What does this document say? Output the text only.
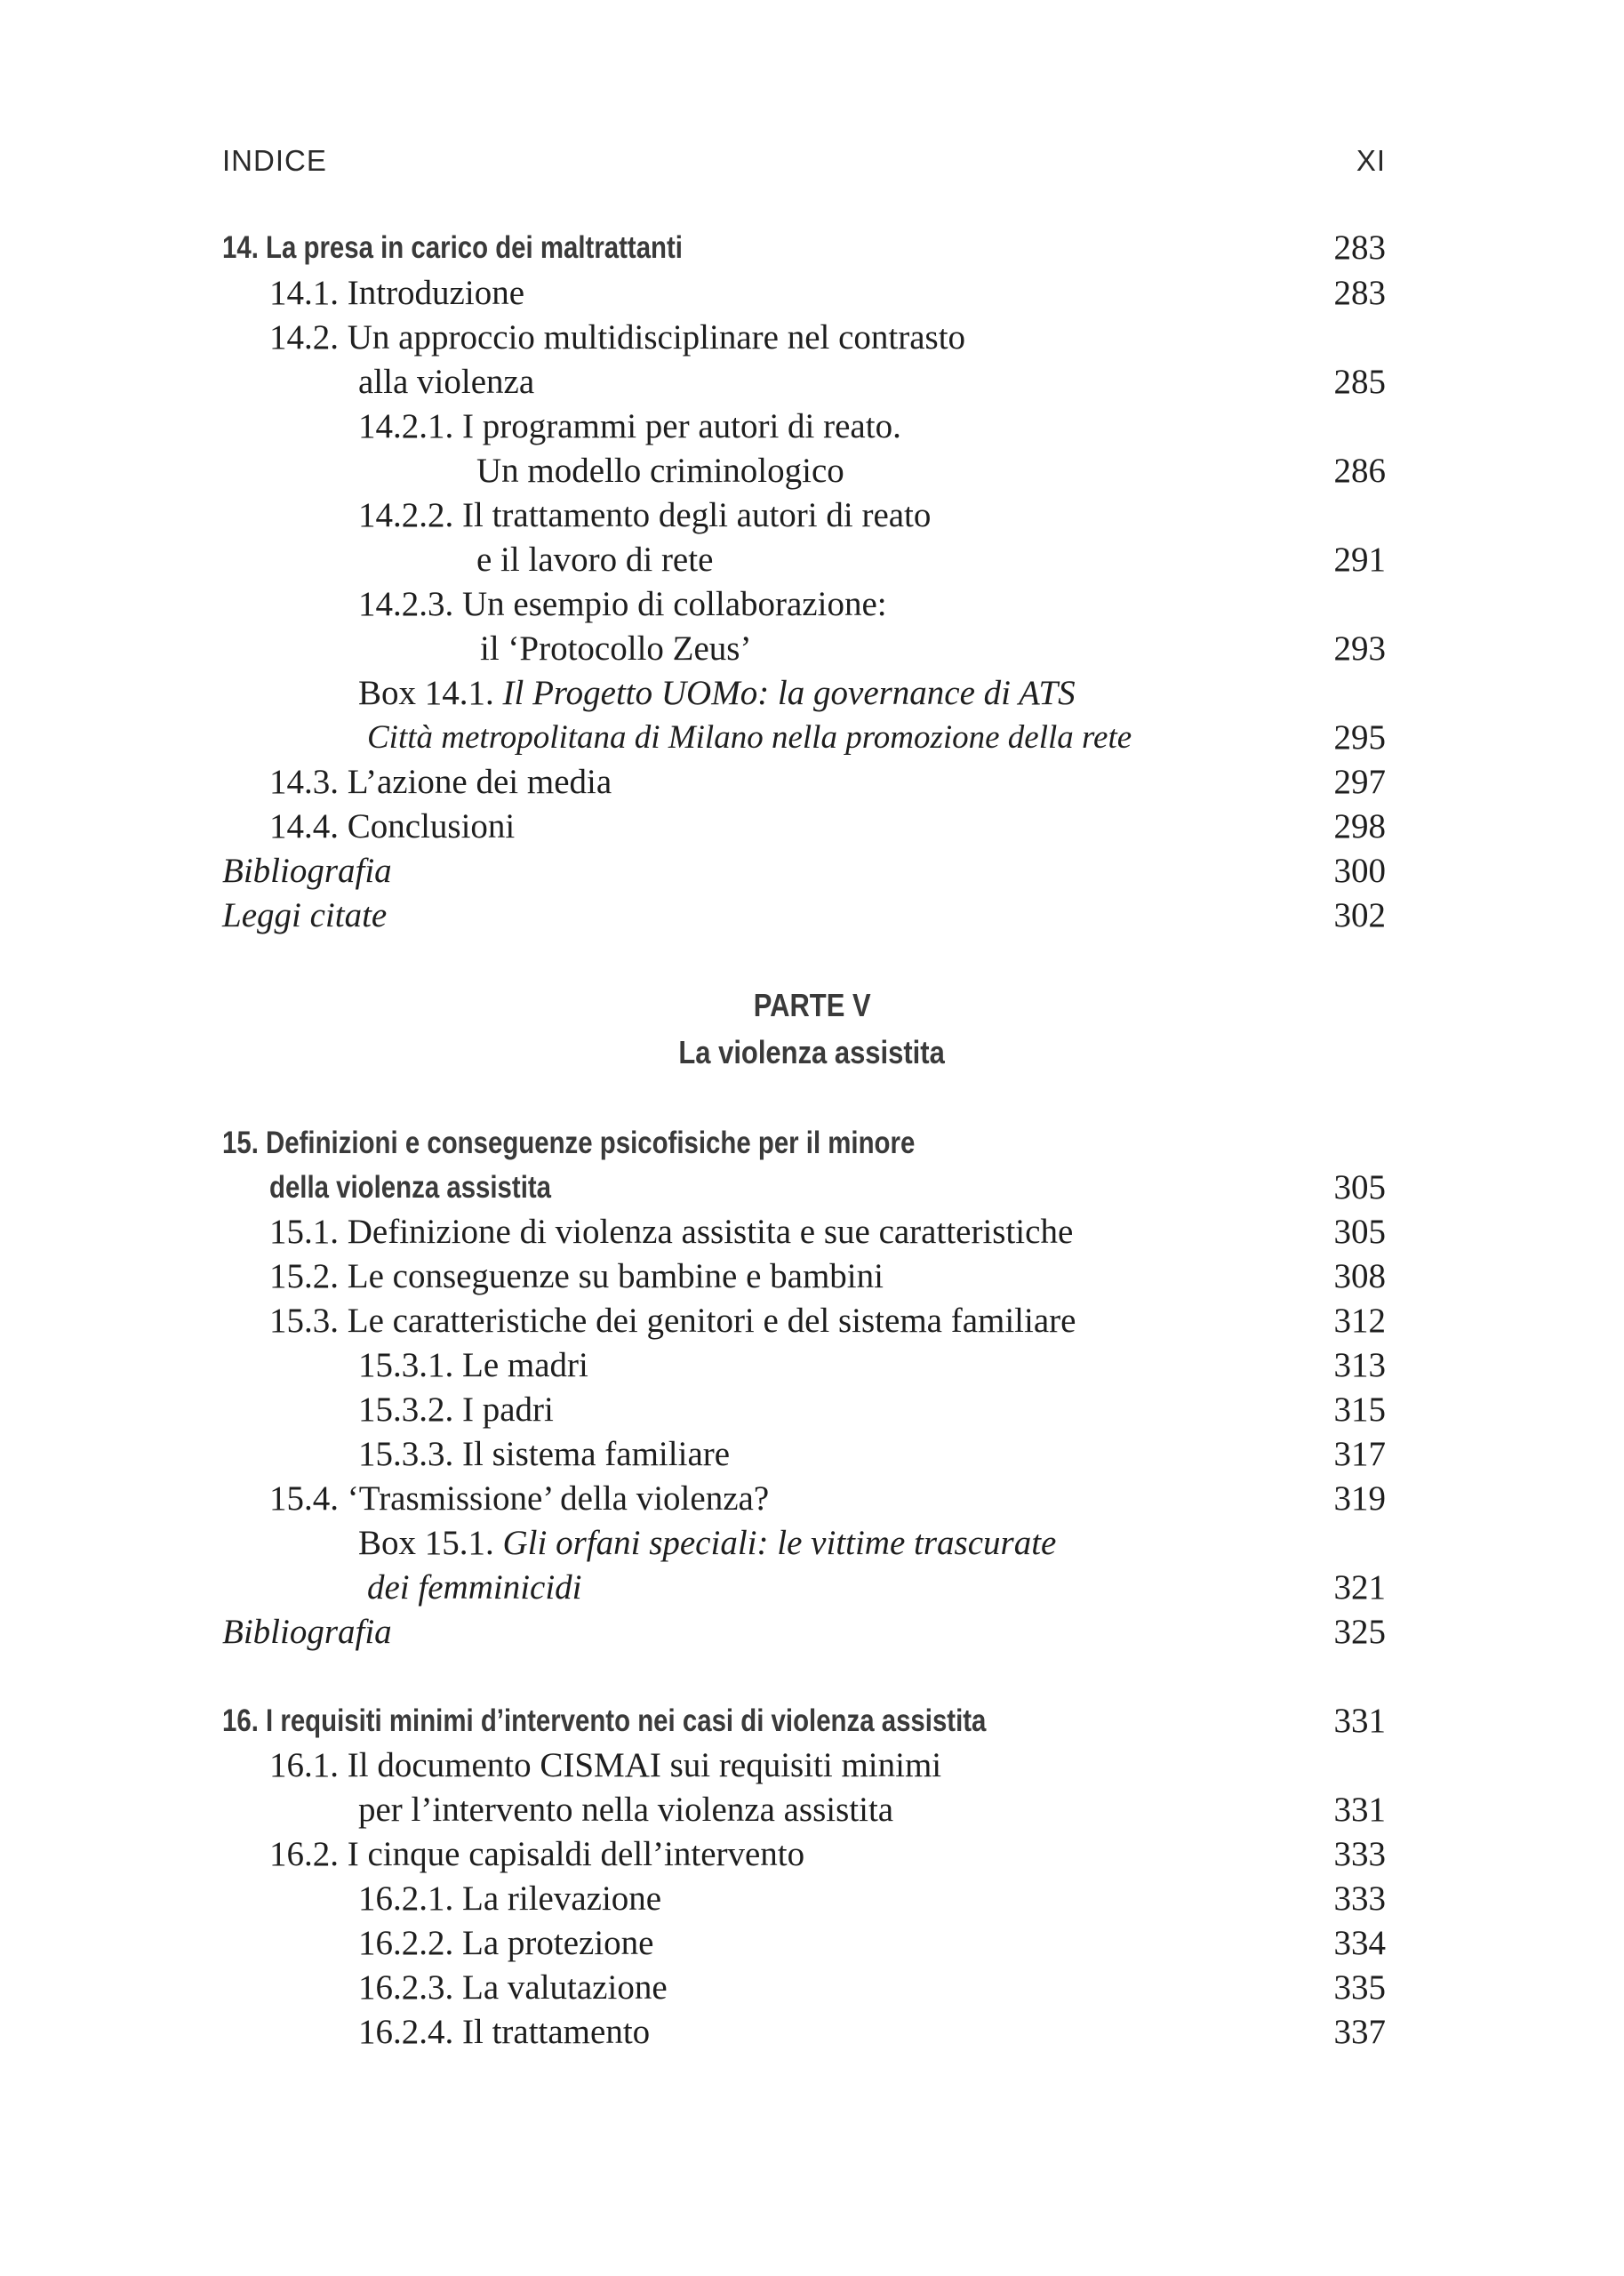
INDICE	XI
14. La presa in carico dei maltrattanti	283
14.1. Introduzione	283
14.2. Un approccio multidisciplinare nel contrasto
alla violenza	285
14.2.1. I programmi per autori di reato.
Un modello criminologico	286
14.2.2. Il trattamento degli autori di reato
e il lavoro di rete	291
14.2.3. Un esempio di collaborazione:
il ‘Protocollo Zeus’	293
Box 14.1. Il Progetto UOMo: la governance di ATS
Città metropolitana di Milano nella promozione della rete	295
14.3. L’azione dei media	297
14.4. Conclusioni	298
Bibliografia	300
Leggi citate	302
PARTE V
La violenza assistita
15. Definizioni e conseguenze psicofisiche per il minore
della violenza assistita	305
15.1. Definizione di violenza assistita e sue caratteristiche	305
15.2. Le conseguenze su bambine e bambini	308
15.3. Le caratteristiche dei genitori e del sistema familiare	312
15.3.1. Le madri	313
15.3.2. I padri	315
15.3.3. Il sistema familiare	317
15.4. ‘Trasmissione’ della violenza?	319
Box 15.1. Gli orfani speciali: le vittime trascurate
dei femminicidi	321
Bibliografia	325
16. I requisiti minimi d’intervento nei casi di violenza assistita	331
16.1. Il documento CISMAI sui requisiti minimi
per l’intervento nella violenza assistita	331
16.2. I cinque capisaldi dell’intervento	333
16.2.1. La rilevazione	333
16.2.2. La protezione	334
16.2.3. La valutazione	335
16.2.4. Il trattamento	337
